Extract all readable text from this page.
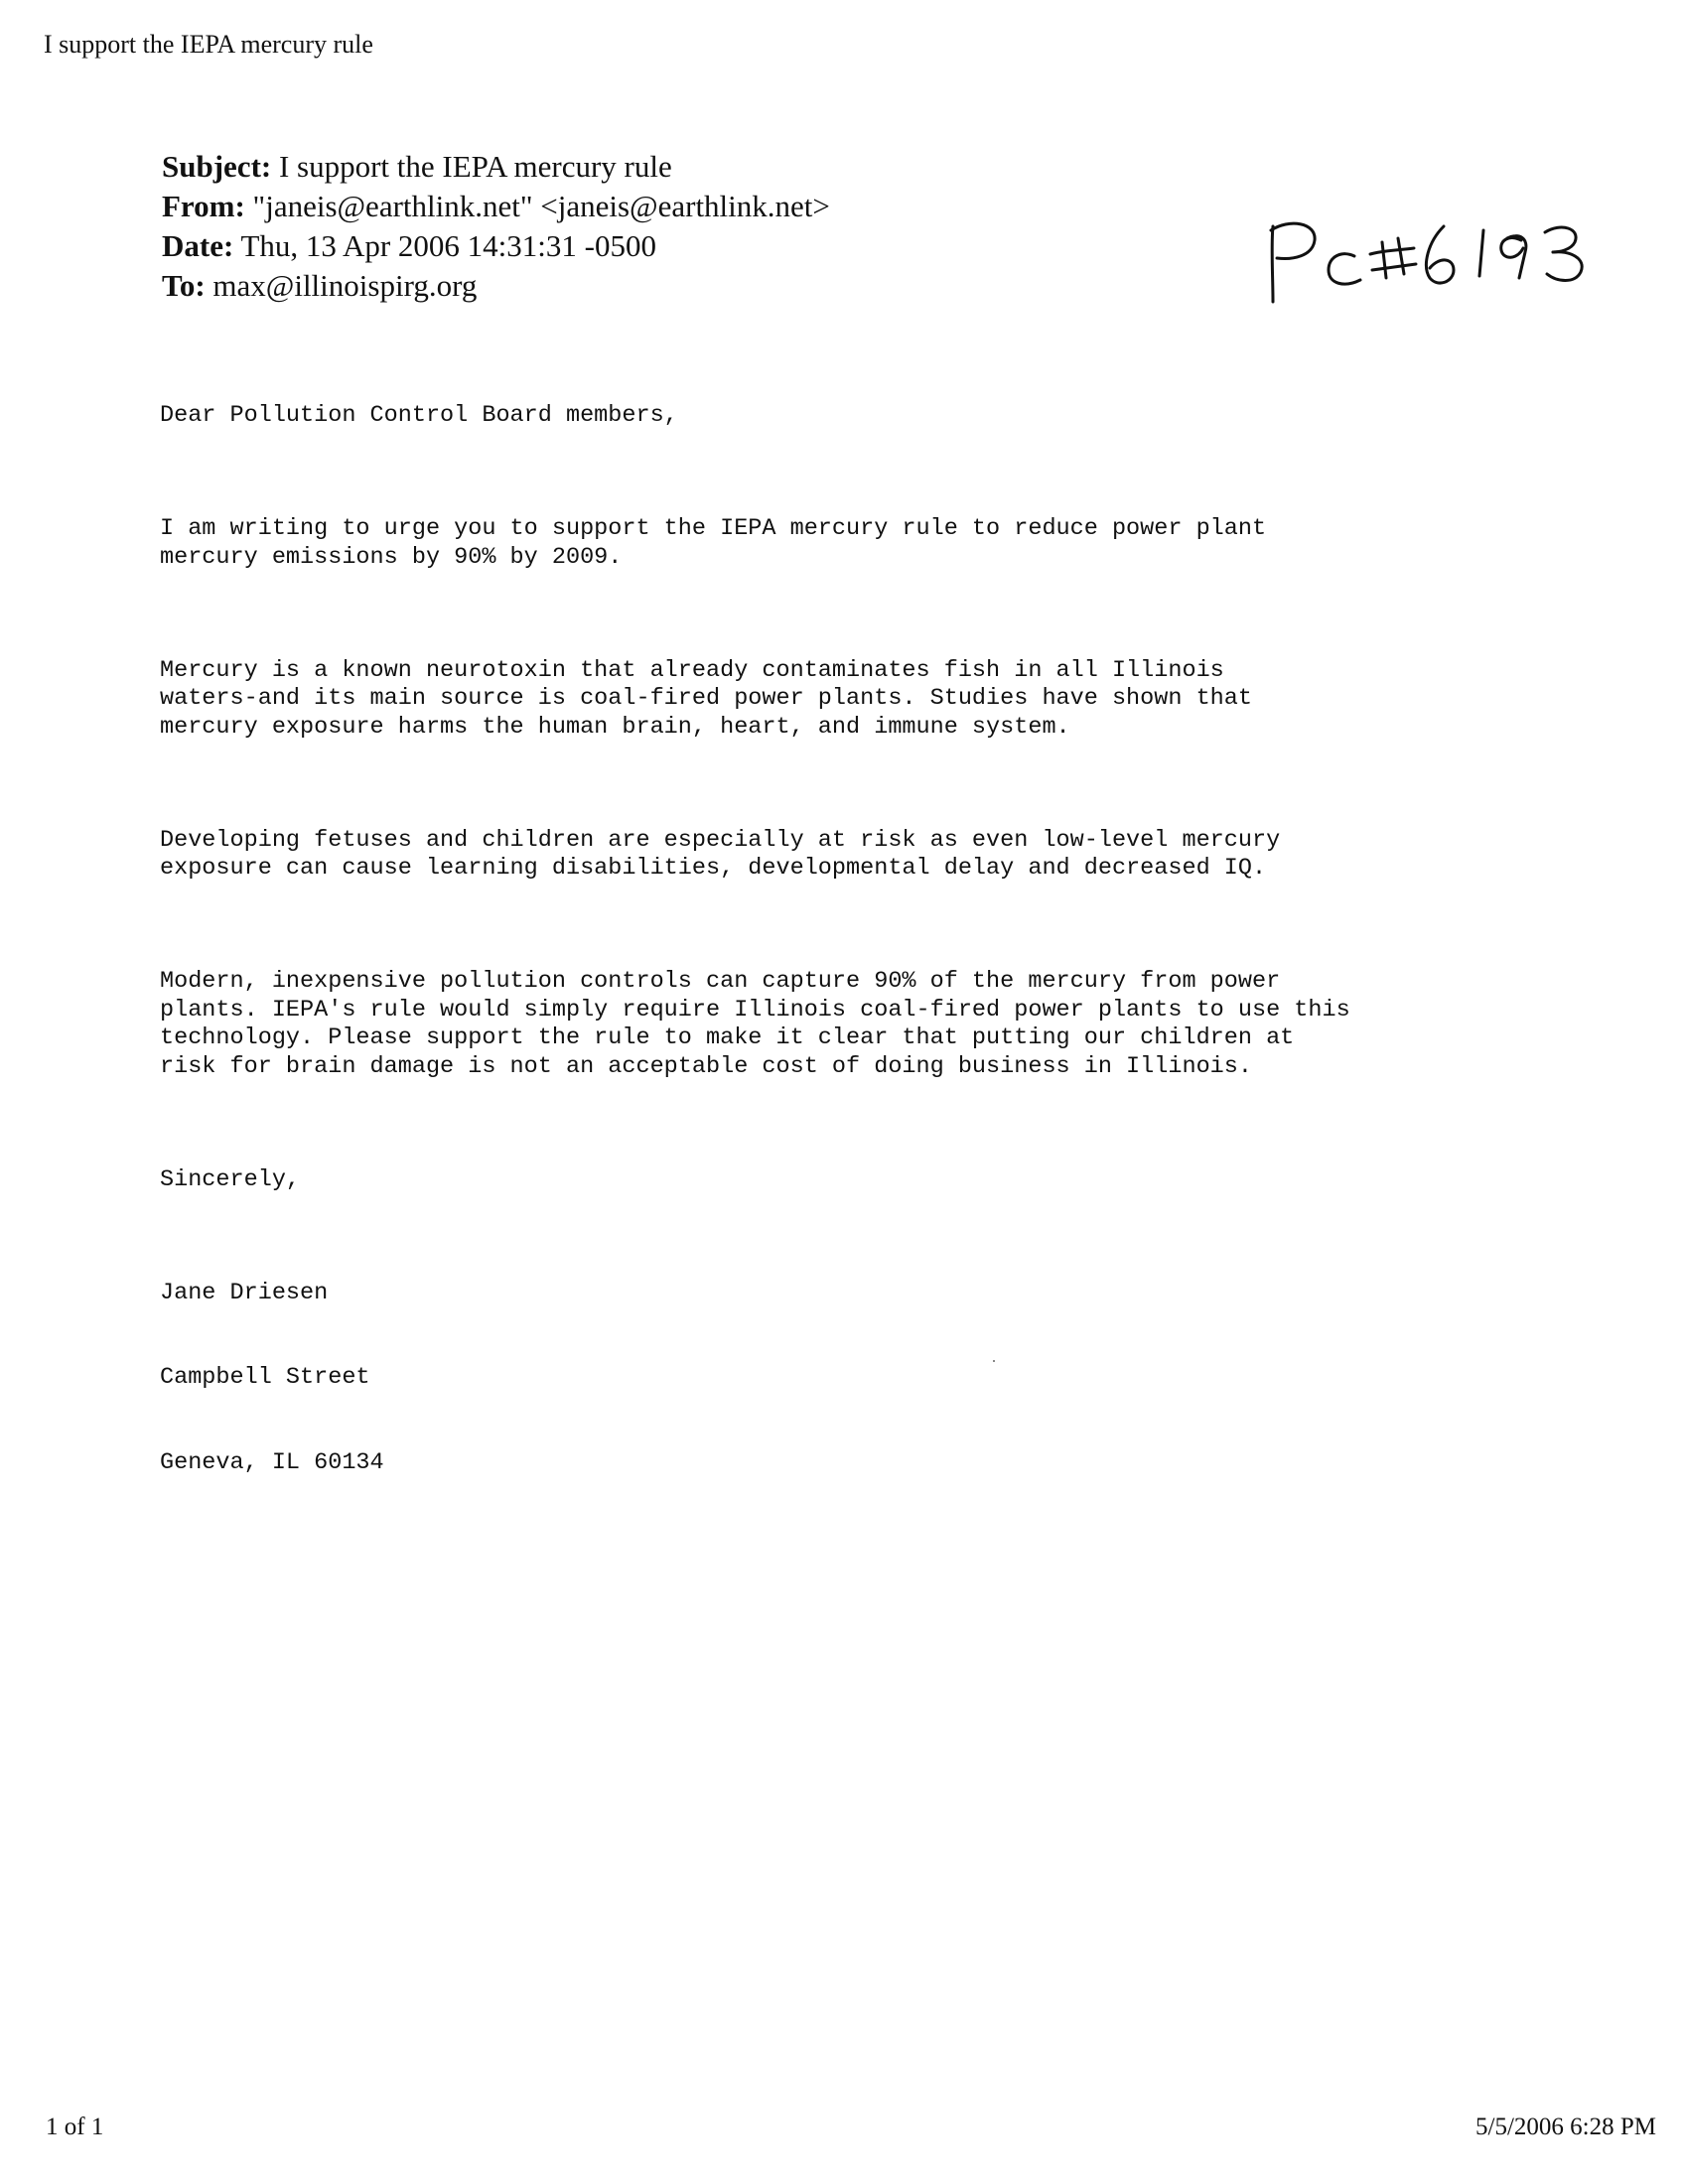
I support the IEPA mercury rule
Subject: I support the IEPA mercury rule
From: "janeis@earthlink.net" <janeis@earthlink.net>
Date: Thu, 13 Apr 2006 14:31:31 -0500
To: max@illinoispirg.org

Dear Pollution Control Board members,

I am writing to urge you to support the IEPA mercury rule to reduce power plant
mercury emissions by 90% by 2009.

Mercury is a known neurotoxin that already contaminates fish in all Illinois
waters-and its main source is coal-fired power plants. Studies have shown that
mercury exposure harms the human brain, heart, and immune system.

Developing fetuses and children are especially at risk as even low-level mercury
exposure can cause learning disabilities, developmental delay and decreased IQ.

Modern, inexpensive pollution controls can capture 90% of the mercury from power
plants. IEPA's rule would simply require Illinois coal-fired power plants to use this
technology. Please support the rule to make it clear that putting our children at
risk for brain damage is not an acceptable cost of doing business in Illinois.

Sincerely,

Jane Driesen

Campbell Street

Geneva, IL 60134

1 of 1	5/5/2006 6:28 PM
